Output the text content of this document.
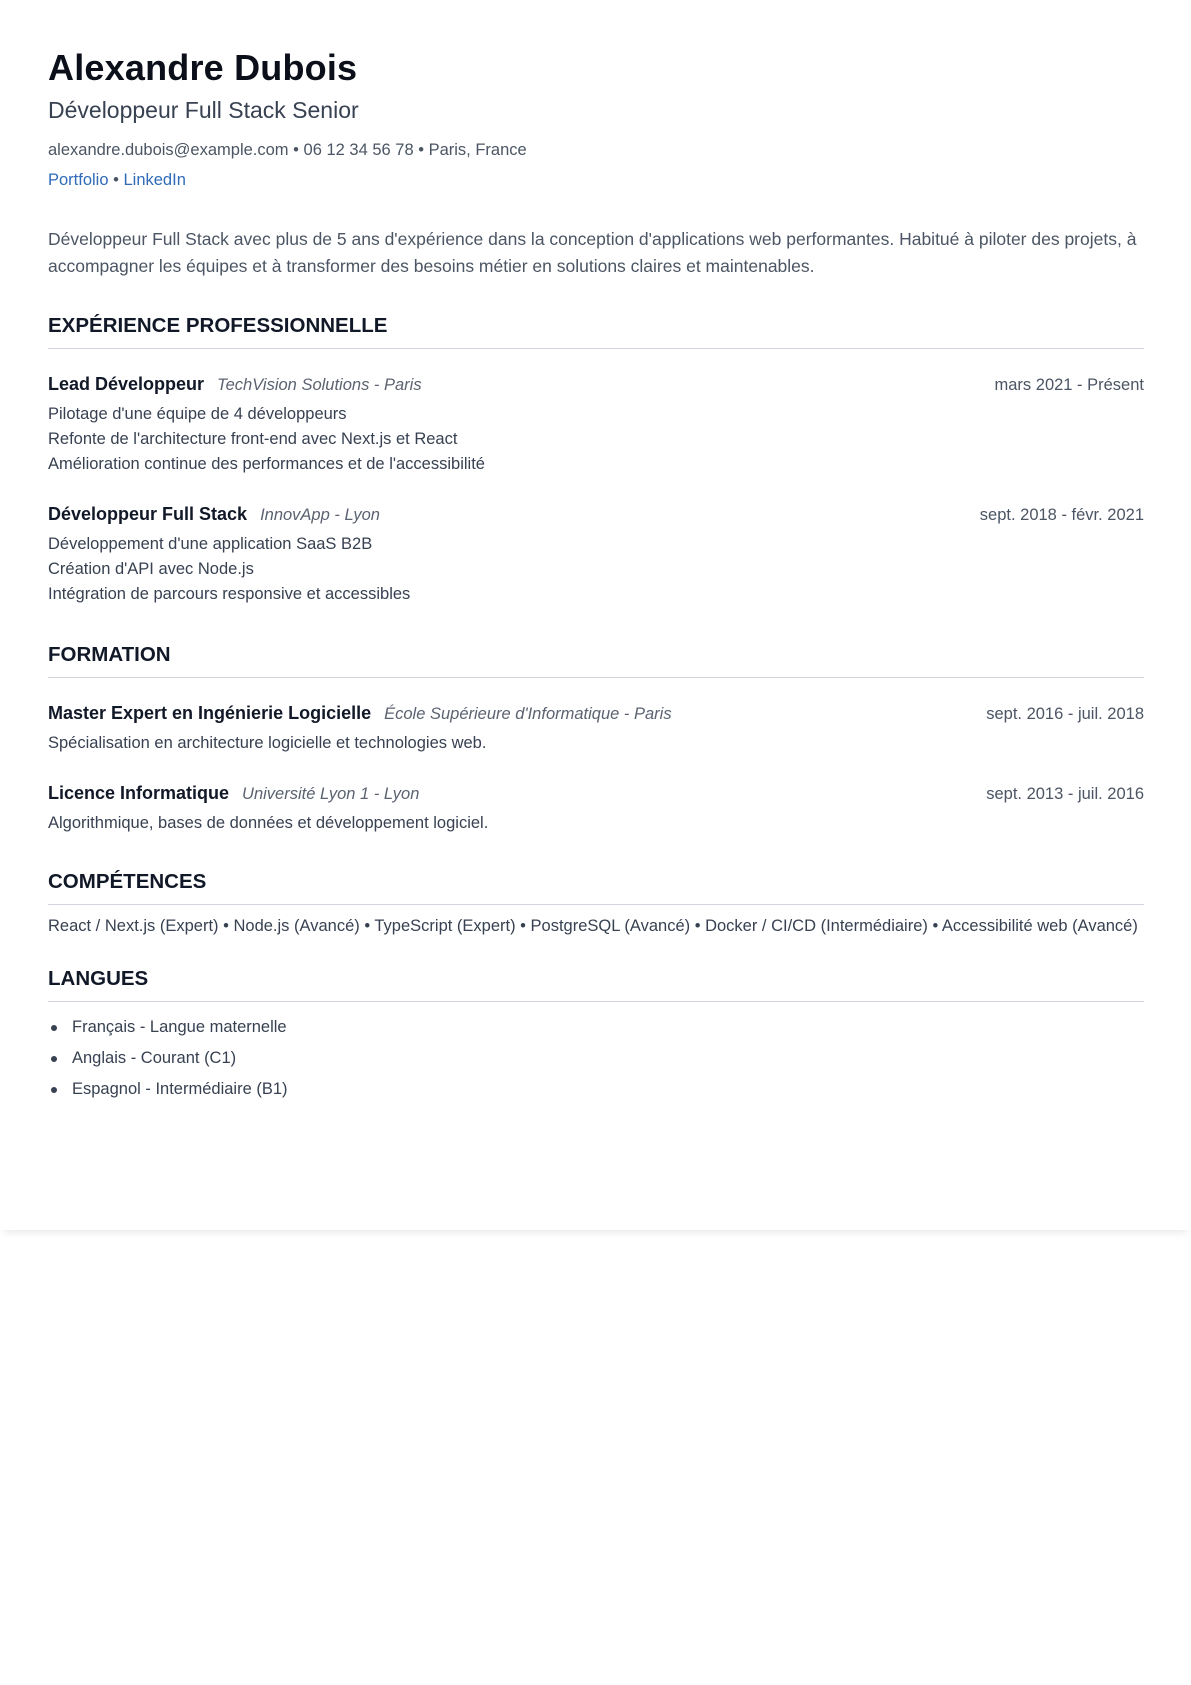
Alexandre Dubois
Développeur Full Stack Senior
alexandre.dubois@example.com • 06 12 34 56 78 • Paris, France
Portfolio • LinkedIn

Développeur Full Stack avec plus de 5 ans d'expérience dans la conception d'applications web performantes. Habitué à piloter des projets, à accompagner les équipes et à transformer des besoins métier en solutions claires et maintenables.

EXPÉRIENCE PROFESSIONNELLE
Lead Développeur TechVision Solutions - Paris	mars 2021 - Présent
Pilotage d'une équipe de 4 développeurs
Refonte de l'architecture front-end avec Next.js et React
Amélioration continue des performances et de l'accessibilité
Développeur Full Stack InnovApp - Lyon	sept. 2018 - févr. 2021
Développement d'une application SaaS B2B
Création d'API avec Node.js
Intégration de parcours responsive et accessibles
FORMATION
Master Expert en Ingénierie Logicielle École Supérieure d'Informatique - Paris	sept. 2016 - juil. 2018
Spécialisation en architecture logicielle et technologies web.
Licence Informatique Université Lyon 1 - Lyon	sept. 2013 - juil. 2016
Algorithmique, bases de données et développement logiciel.
COMPÉTENCES

React / Next.js (Expert) • Node.js (Avancé) • TypeScript (Expert) • PostgreSQL (Avancé) • Docker / CI/CD (Intermédiaire) • Accessibilité web (Avancé)

LANGUES
Français - Langue maternelle
Anglais - Courant (C1)
Espagnol - Intermédiaire (B1)
